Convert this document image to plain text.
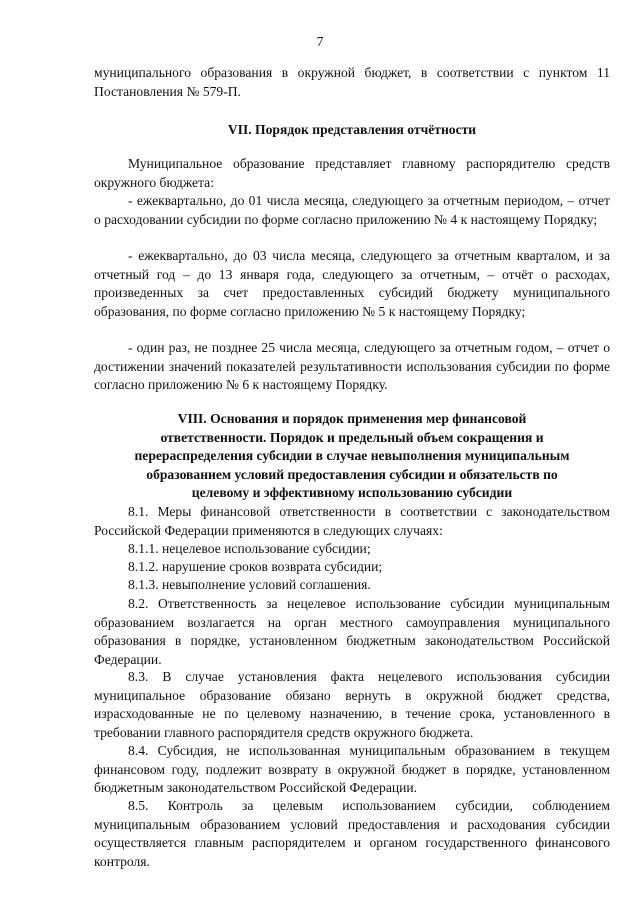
7
муниципального образования в окружной бюджет, в соответствии с пунктом 11
Постановления № 579-П.
VII. Порядок представления отчётности
Муниципальное образование представляет главному распорядителю средств окружного бюджета:
- ежеквартально, до 01 числа месяца, следующего за отчетным периодом, – отчет о расходовании субсидии по форме согласно приложению № 4 к настоящему Порядку;
- ежеквартально, до 03 числа месяца, следующего за отчетным кварталом, и за отчетный год – до 13 января года, следующего за отчетным, – отчёт о расходах, произведенных за счет предоставленных субсидий бюджету муниципального образования, по форме согласно приложению № 5 к настоящему Порядку;
- один раз, не позднее 25 числа месяца, следующего за отчетным годом, – отчет о достижении значений показателей результативности использования субсидии по форме согласно приложению № 6 к настоящему Порядку.
VIII. Основания и порядок применения мер финансовой
ответственности. Порядок и предельный объем сокращения и
перераспределения субсидии в случае невыполнения муниципальным
образованием условий предоставления субсидии и обязательств по
целевому и эффективному использованию субсидии
8.1. Меры финансовой ответственности в соответствии с законодательством Российской Федерации применяются в следующих случаях:
8.1.1. нецелевое использование субсидии;
8.1.2. нарушение сроков возврата субсидии;
8.1.3. невыполнение условий соглашения.
8.2. Ответственность за нецелевое использование субсидии муниципальным образованием возлагается на орган местного самоуправления муниципального образования в порядке, установленном бюджетным законодательством Российской Федерации.
8.3. В случае установления факта нецелевого использования субсидии муниципальное образование обязано вернуть в окружной бюджет средства, израсходованные не по целевому назначению, в течение срока, установленного в требовании главного распорядителя средств окружного бюджета.
8.4. Субсидия, не использованная муниципальным образованием в текущем финансовом году, подлежит возврату в окружной бюджет в порядке, установленном бюджетным законодательством Российской Федерации.
8.5. Контроль за целевым использованием субсидии, соблюдением муниципальным образованием условий предоставления и расходования субсидии осуществляется главным распорядителем и органом государственного финансового контроля.
